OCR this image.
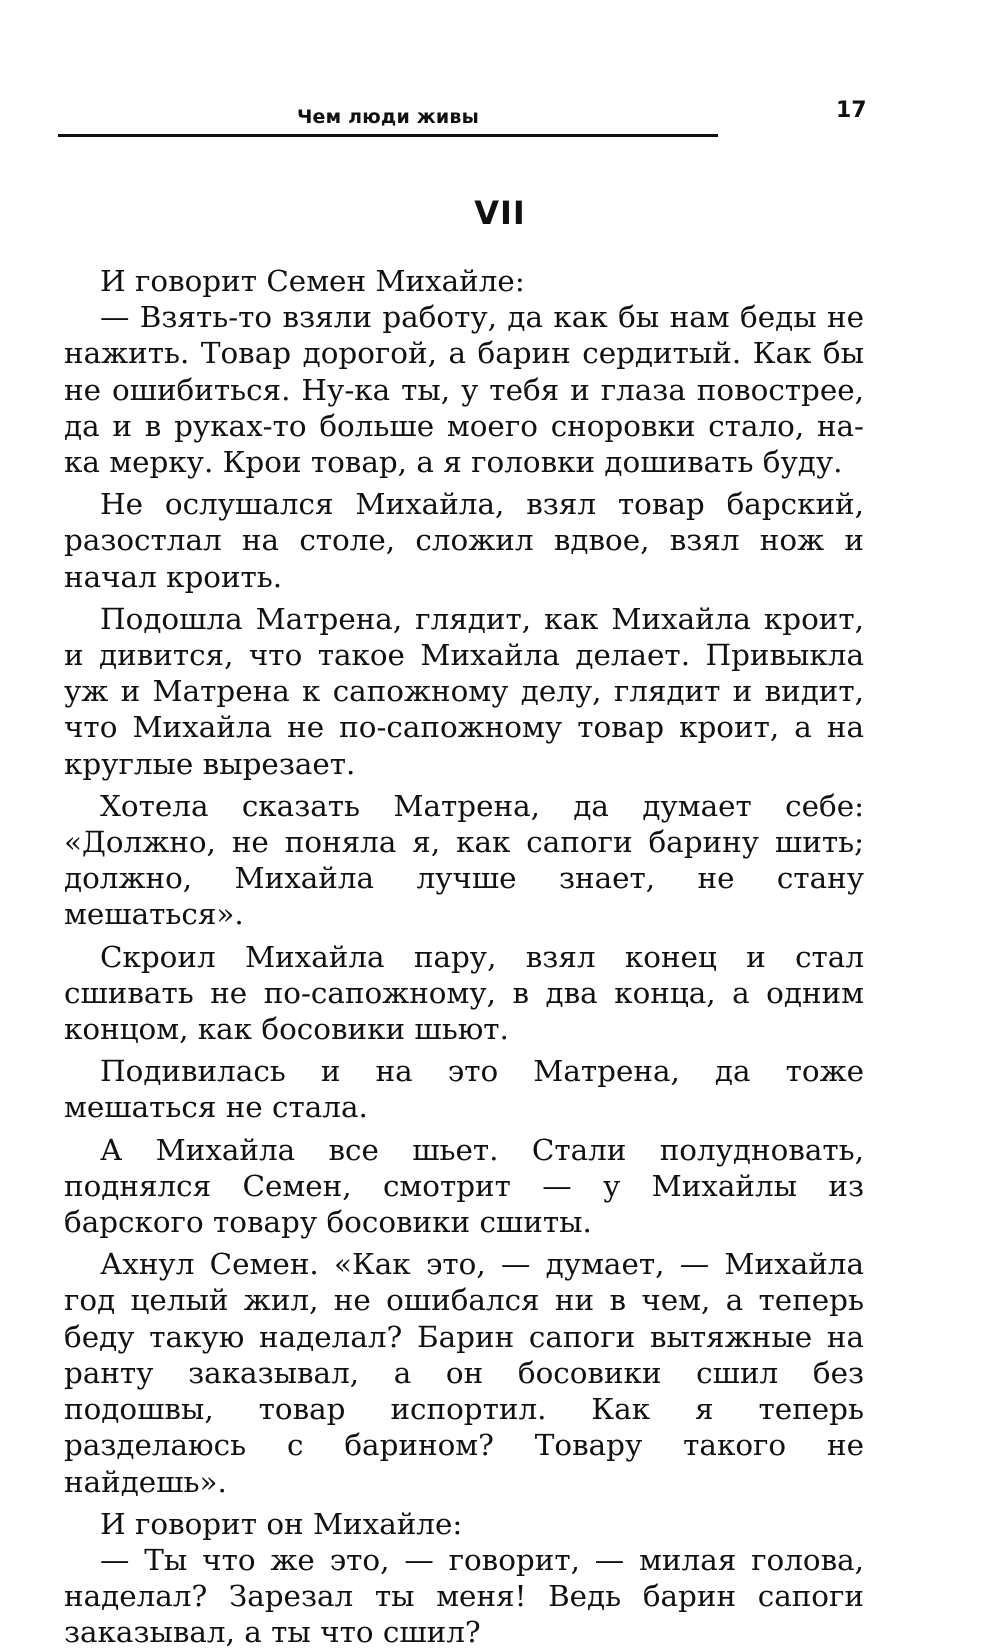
Чем люди живы	17
VII

И говорит Семен Михайле:

— Взять-то взяли работу, да как бы нам беды не нажить. Товар дорогой, а барин сердитый. Как бы не ошибиться. Ну-ка ты, у тебя и глаза повострее, да и в руках-то больше моего сноровки стало, на-ка мерку. Крои товар, а я головки дошивать буду.

Не ослушался Михайла, взял товар барский, разостлал на столе, сложил вдвое, взял нож и начал кроить.

Подошла Матрена, глядит, как Михайла кроит, и дивится, что такое Михайла делает. Привыкла уж и Матрена к сапожному делу, глядит и видит, что Михайла не по-сапожному товар кроит, а на круглые вырезает.

Хотела сказать Матрена, да думает себе: «Должно, не поняла я, как сапоги барину шить; должно, Михайла лучше знает, не стану мешаться».

Скроил Михайла пару, взял конец и стал сшивать не по-сапожному, в два конца, а одним концом, как босовики шьют.

Подивилась и на это Матрена, да тоже мешаться не стала.

А Михайла все шьет. Стали полудновать, поднялся Семен, смотрит — у Михайлы из барского товару босовики сшиты.

Ахнул Семен. «Как это, — думает, — Михайла год целый жил, не ошибался ни в чем, а теперь беду такую наделал? Барин сапоги вытяжные на ранту заказывал, а он босовики сшил без подошвы, товар испортил. Как я теперь разделаюсь с барином? Товару такого не найдешь».

И говорит он Михайле:

— Ты что же это, — говорит, — милая голова, наделал? Зарезал ты меня! Ведь барин сапоги заказывал, а ты что сшил?
